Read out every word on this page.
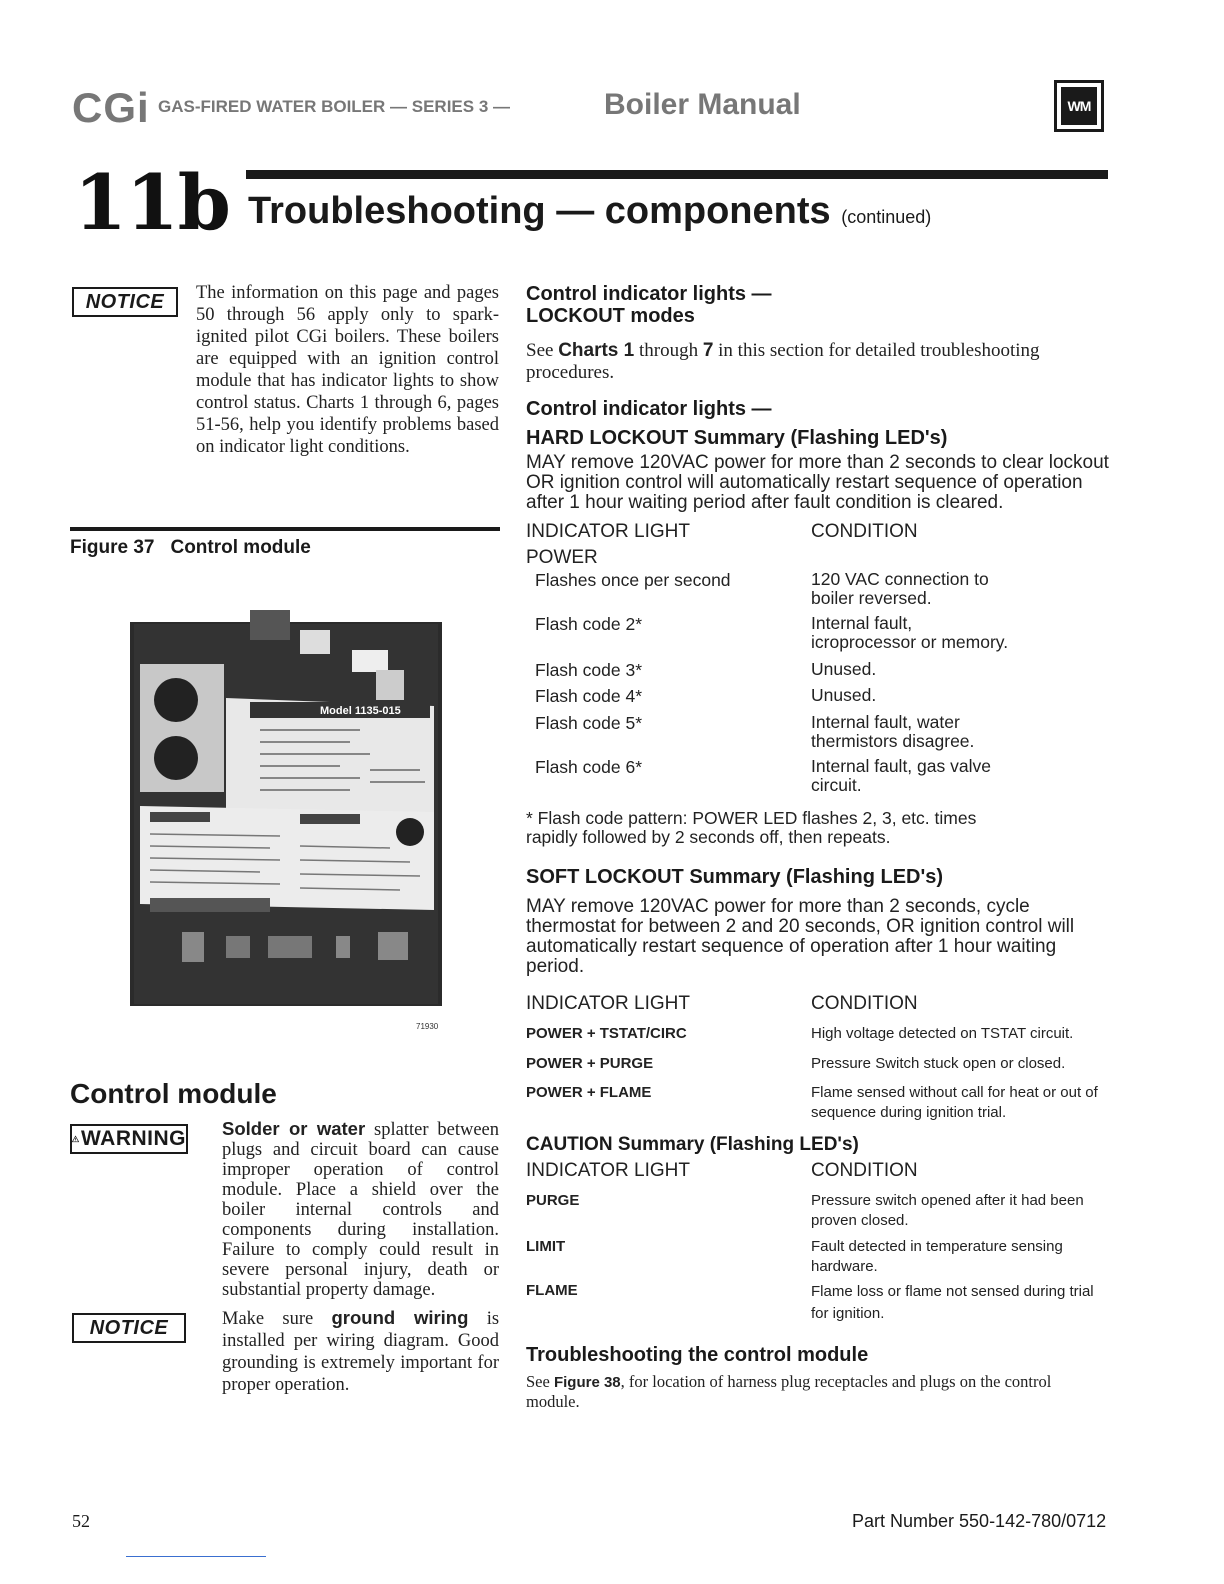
CGi GAS-FIRED WATER BOILER — SERIES 3 —	Boiler Manual	WM
11b Troubleshooting — components (continued)
NOTICE	The information on this page and pages 50 through 56 apply only to spark-ignited pilot CGi boilers. These boilers are equipped with an ignition control module that has indicator lights to show control status. Charts 1 through 6, pages 51-56, help you identify problems based on indicator light conditions.
Figure 37 Control module
Model 1135-015
71930
Control module
WARNING Solder or water splatter between plugs and circuit board can cause improper operation of control module. Place a shield over the boiler internal controls and components during installation. Failure to comply could result in severe personal injury, death or substantial property damage.
NOTICE	Make sure ground wiring is installed per wiring diagram. Good grounding is extremely important for proper operation.
Control indicator lights —
LOCKOUT modes
See Charts 1 through 7 in this section for detailed troubleshooting procedures.
Control indicator lights —
HARD LOCKOUT Summary (Flashing LED's)
MAY remove 120VAC power for more than 2 seconds to clear lockout OR ignition control will automatically restart sequence of operation after 1 hour waiting period after fault condition is cleared.
INDICATOR LIGHT	CONDITION
POWER
Flashes once per second	120 VAC connection to boiler reversed.
Flash code 2*	Internal fault, icroprocessor or memory.
Flash code 3*	Unused.
Flash code 4*	Unused.
Flash code 5*	Internal fault, water thermistors disagree.
Flash code 6*	Internal fault, gas valve circuit.
* Flash code pattern: POWER LED flashes 2, 3, etc. times rapidly followed by 2 seconds off, then repeats.
SOFT LOCKOUT Summary (Flashing LED's)
MAY remove 120VAC power for more than 2 seconds, cycle thermostat for between 2 and 20 seconds, OR ignition control will automatically restart sequence of operation after 1 hour waiting period.
INDICATOR LIGHT	CONDITION
POWER + TSTAT/CIRC	High voltage detected on TSTAT circuit.
POWER + PURGE	Pressure Switch stuck open or closed.
POWER + FLAME	Flame sensed without call for heat or out of sequence during ignition trial.
CAUTION Summary (Flashing LED's)
INDICATOR LIGHT	CONDITION
PURGE	Pressure switch opened after it had been proven closed.
LIMIT	Fault detected in temperature sensing hardware.
FLAME	Flame loss or flame not sensed during trial for ignition.
Troubleshooting the control module
See Figure 38, for location of harness plug receptacles and plugs on the control module.
52	Part Number 550-142-780/0712
